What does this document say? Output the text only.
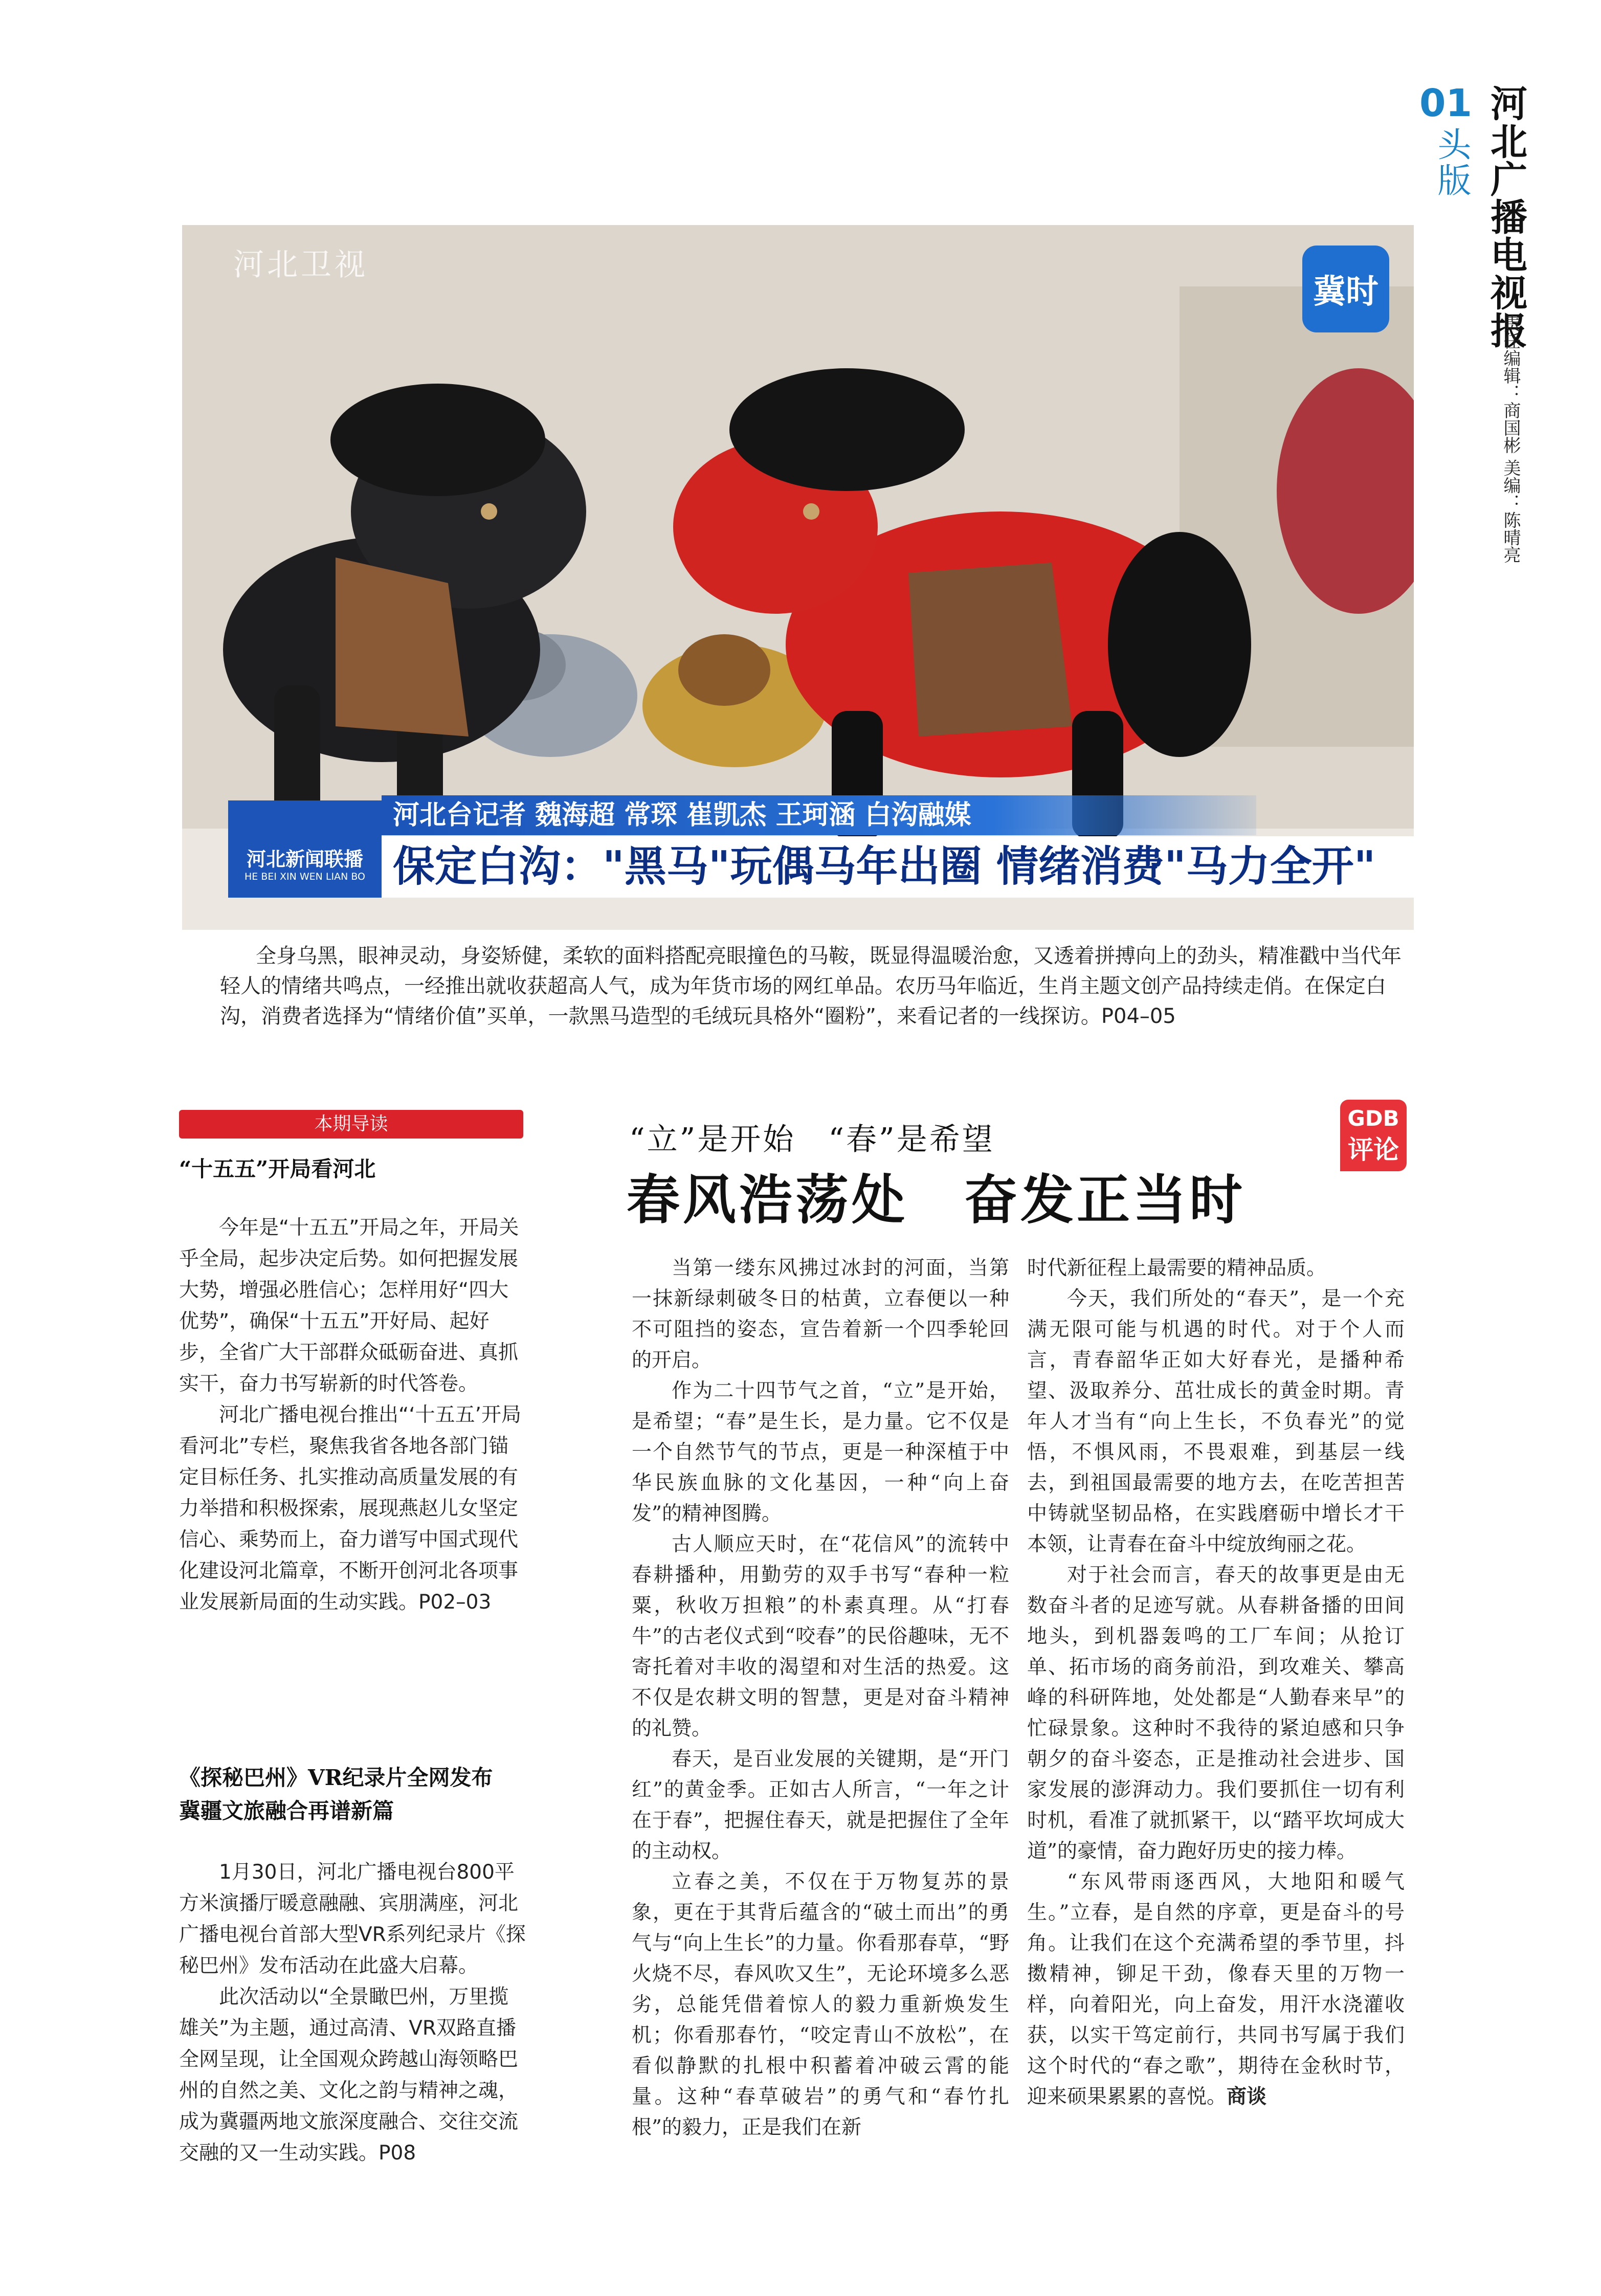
01
头版 河北广播电视报
责任编辑：商国彬 美编：陈晴亮
河北卫视
冀时
河北新闻联播
HE BEI XIN WEN LIAN BO
河北台记者 魏海超 常琛 崔凯杰 王珂涵 白沟融媒
保定白沟："黑马"玩偶马年出圈 情绪消费"马力全开"
全身乌黑，眼神灵动，身姿矫健，柔软的面料搭配亮眼撞色的马鞍，既显得温暖治愈，又透着拼搏向上的劲头，精准戳中当代年轻人的情绪共鸣点，一经推出就收获超高人气，成为年货市场的网红单品。农历马年临近，生肖主题文创产品持续走俏。在保定白沟，消费者选择为“情绪价值”买单，一款黑马造型的毛绒玩具格外“圈粉”，来看记者的一线探访。P04–05
本期导读
“十五五”开局看河北

今年是“十五五”开局之年，开局关乎全局，起步决定后势。如何把握发展大势，增强必胜信心；怎样用好“四大优势”，确保“十五五”开好局、起好步，全省广大干部群众砥砺奋进、真抓实干，奋力书写崭新的时代答卷。

河北广播电视台推出“‘十五五’开局看河北”专栏，聚焦我省各地各部门锚定目标任务、扎实推动高质量发展的有力举措和积极探索，展现燕赵儿女坚定信心、乘势而上，奋力谱写中国式现代化建设河北篇章，不断开创河北各项事业发展新局面的生动实践。P02–03

《探秘巴州》VR纪录片全网发布
冀疆文旅融合再谱新篇

1月30日，河北广播电视台800平方米演播厅暖意融融、宾朋满座，河北广播电视台首部大型VR系列纪录片《探秘巴州》发布活动在此盛大启幕。

此次活动以“全景瞰巴州，万里揽雄关”为主题，通过高清、VR双路直播全网呈现，让全国观众跨越山海领略巴州的自然之美、文化之韵与精神之魂，成为冀疆两地文旅深度融合、交往交流交融的又一生动实践。P08

“立”是开始　“春”是希望
春风浩荡处　奋发正当时
GDB
评论

当第一缕东风拂过冰封的河面，当第一抹新绿刺破冬日的枯黄，立春便以一种不可阻挡的姿态，宣告着新一个四季轮回的开启。

作为二十四节气之首，“立”是开始，是希望；“春”是生长，是力量。它不仅是一个自然节气的节点，更是一种深植于中华民族血脉的文化基因，一种“向上奋发”的精神图腾。

古人顺应天时，在“花信风”的流转中春耕播种，用勤劳的双手书写“春种一粒粟，秋收万担粮”的朴素真理。从“打春牛”的古老仪式到“咬春”的民俗趣味，无不寄托着对丰收的渴望和对生活的热爱。这不仅是农耕文明的智慧，更是对奋斗精神的礼赞。

春天，是百业发展的关键期，是“开门红”的黄金季。正如古人所言，“一年之计在于春”，把握住春天，就是把握住了全年的主动权。

立春之美，不仅在于万物复苏的景象，更在于其背后蕴含的“破土而出”的勇气与“向上生长”的力量。你看那春草，“野火烧不尽，春风吹又生”，无论环境多么恶劣，总能凭借着惊人的毅力重新焕发生机；你看那春竹，“咬定青山不放松”，在看似静默的扎根中积蓄着冲破云霄的能量。这种“春草破岩”的勇气和“春竹扎根”的毅力，正是我们在新

时代新征程上最需要的精神品质。

今天，我们所处的“春天”，是一个充满无限可能与机遇的时代。对于个人而言，青春韶华正如大好春光，是播种希望、汲取养分、茁壮成长的黄金时期。青年人才当有“向上生长，不负春光”的觉悟，不惧风雨，不畏艰难，到基层一线去，到祖国最需要的地方去，在吃苦担苦中铸就坚韧品格，在实践磨砺中增长才干本领，让青春在奋斗中绽放绚丽之花。

对于社会而言，春天的故事更是由无数奋斗者的足迹写就。从春耕备播的田间地头，到机器轰鸣的工厂车间；从抢订单、拓市场的商务前沿，到攻难关、攀高峰的科研阵地，处处都是“人勤春来早”的忙碌景象。这种时不我待的紧迫感和只争朝夕的奋斗姿态，正是推动社会进步、国家发展的澎湃动力。我们要抓住一切有利时机，看准了就抓紧干，以“踏平坎坷成大道”的豪情，奋力跑好历史的接力棒。

“东风带雨逐西风，大地阳和暖气生。”立春，是自然的序章，更是奋斗的号角。让我们在这个充满希望的季节里，抖擞精神，铆足干劲，像春天里的万物一样，向着阳光，向上奋发，用汗水浇灌收获，以实干笃定前行，共同书写属于我们这个时代的“春之歌”，期待在金秋时节，迎来硕果累累的喜悦。商谈
